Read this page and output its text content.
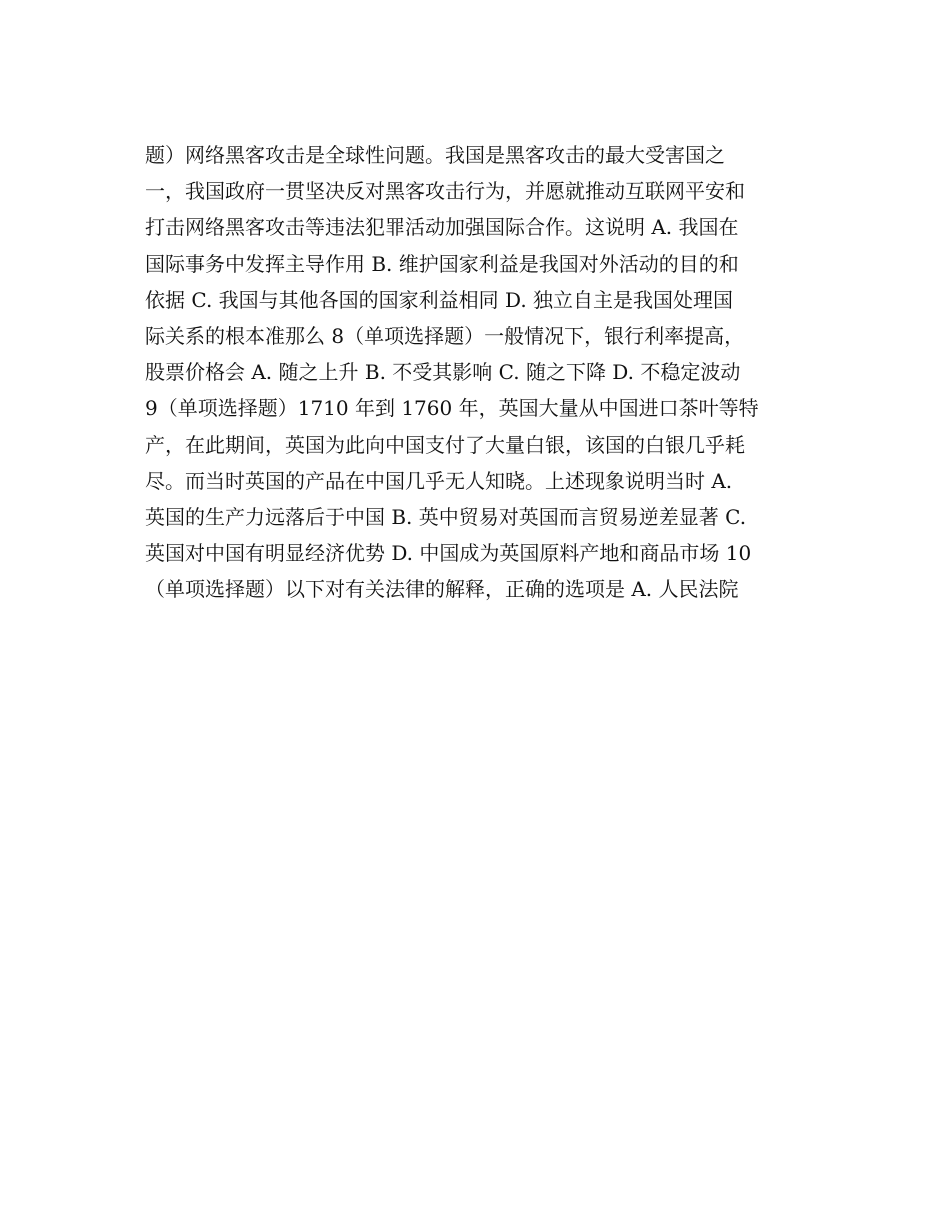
题）网络黑客攻击是全球性问题。我国是黑客攻击的最大受害国之
一，我国政府一贯坚决反对黑客攻击行为，并愿就推动互联网平安和
打击网络黑客攻击等违法犯罪活动加强国际合作。这说明 A. 我国在
国际事务中发挥主导作用 B. 维护国家利益是我国对外活动的目的和
依据 C. 我国与其他各国的国家利益相同 D. 独立自主是我国处理国
际关系的根本准那么 8（单项选择题）一般情况下，银行利率提高，
股票价格会 A. 随之上升 B. 不受其影响 C. 随之下降 D. 不稳定波动
9（单项选择题）1710 年到 1760 年，英国大量从中国进口茶叶等特
产，在此期间，英国为此向中国支付了大量白银，该国的白银几乎耗
尽。而当时英国的产品在中国几乎无人知晓。上述现象说明当时 A.
英国的生产力远落后于中国 B. 英中贸易对英国而言贸易逆差显著 C.
英国对中国有明显经济优势 D. 中国成为英国原料产地和商品市场 10
（单项选择题）以下对有关法律的解释，正确的选项是 A. 人民法院
